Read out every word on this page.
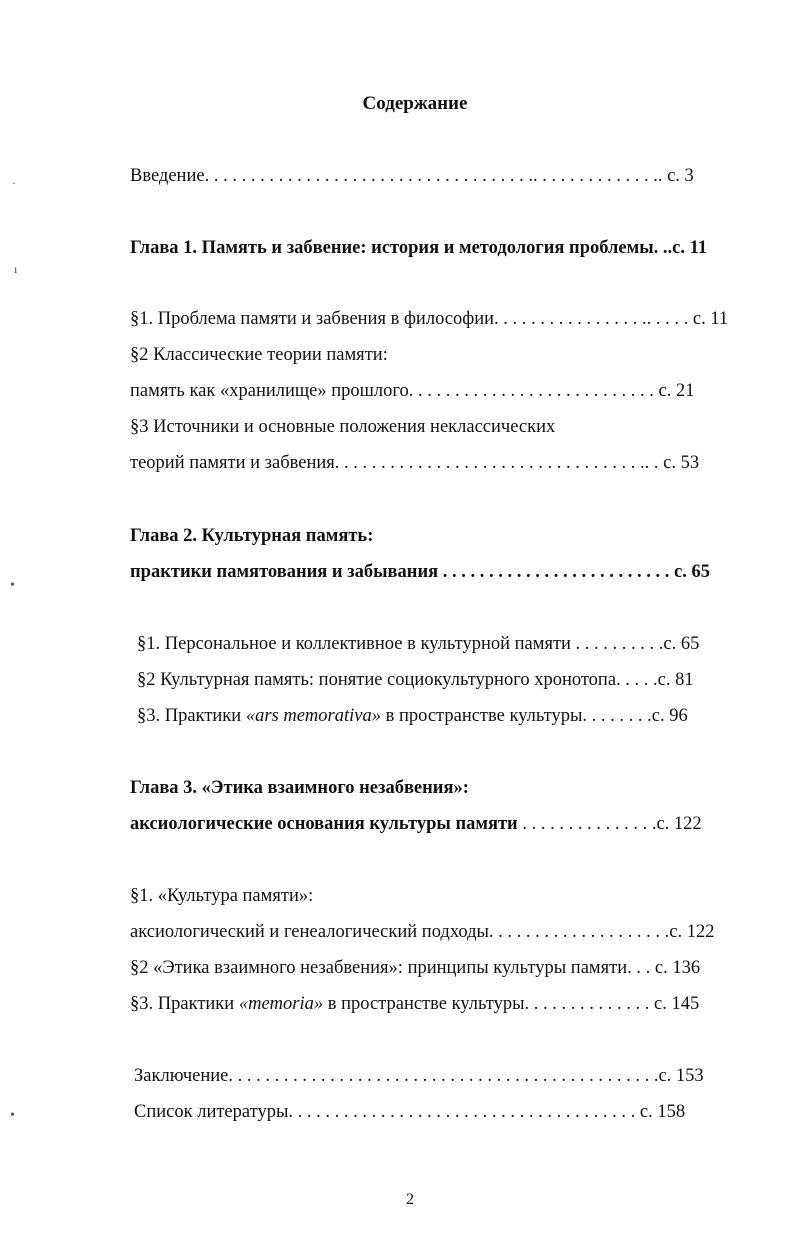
Содержание
Введение. . . . . . . . . . . . . . . . . . . . . . . . . . . . . . . . . . . .. . . . . . . . . . . . . .. с. 3
Глава 1. Память и забвение: история и методология проблемы. ..с. 11
§1. Проблема памяти и забвения в философии. . . . . . . . . . . . . . . . .. . . . . с. 11
§2 Классические теории памяти:
память как «хранилище» прошлого. . . . . . . . . . . . . . . . . . . . . . . . . . . с. 21
§3 Источники и основные положения неклассических
теорий памяти и забвения. . . . . . . . . . . . . . . . . . . . . . . . . . . . . . . . . .. . с. 53
Глава 2. Культурная память:
практики памятования и забывания . . . . . . . . . . . . . . . . . . . . . . . . . с. 65
§1. Персональное и коллективное в культурной памяти . . . . . . . . . .с. 65
§2 Культурная память: понятие социокультурного хронотопа. . . . .с. 81
§3. Практики «ars memorativa» в пространстве культуры. . . . . . . .с. 96
Глава 3. «Этика взаимного незабвения»:
аксиологические основания культуры памяти . . . . . . . . . . . . . . .с. 122
§1. «Культура памяти»:
аксиологический и генеалогический подходы. . . . . . . . . . . . . . . . . . . .с. 122
§2 «Этика взаимного незабвения»: принципы культуры памяти. . . с. 136
§3. Практики «memoria» в пространстве культуры. . . . . . . . . . . . . . с. 145
Заключение. . . . . . . . . . . . . . . . . . . . . . . . . . . . . . . . . . . . . . . . . . . . . . .с. 153
Список литературы. . . . . . . . . . . . . . . . . . . . . . . . . . . . . . . . . . . . . . с. 158
2
·
ı
•
•
